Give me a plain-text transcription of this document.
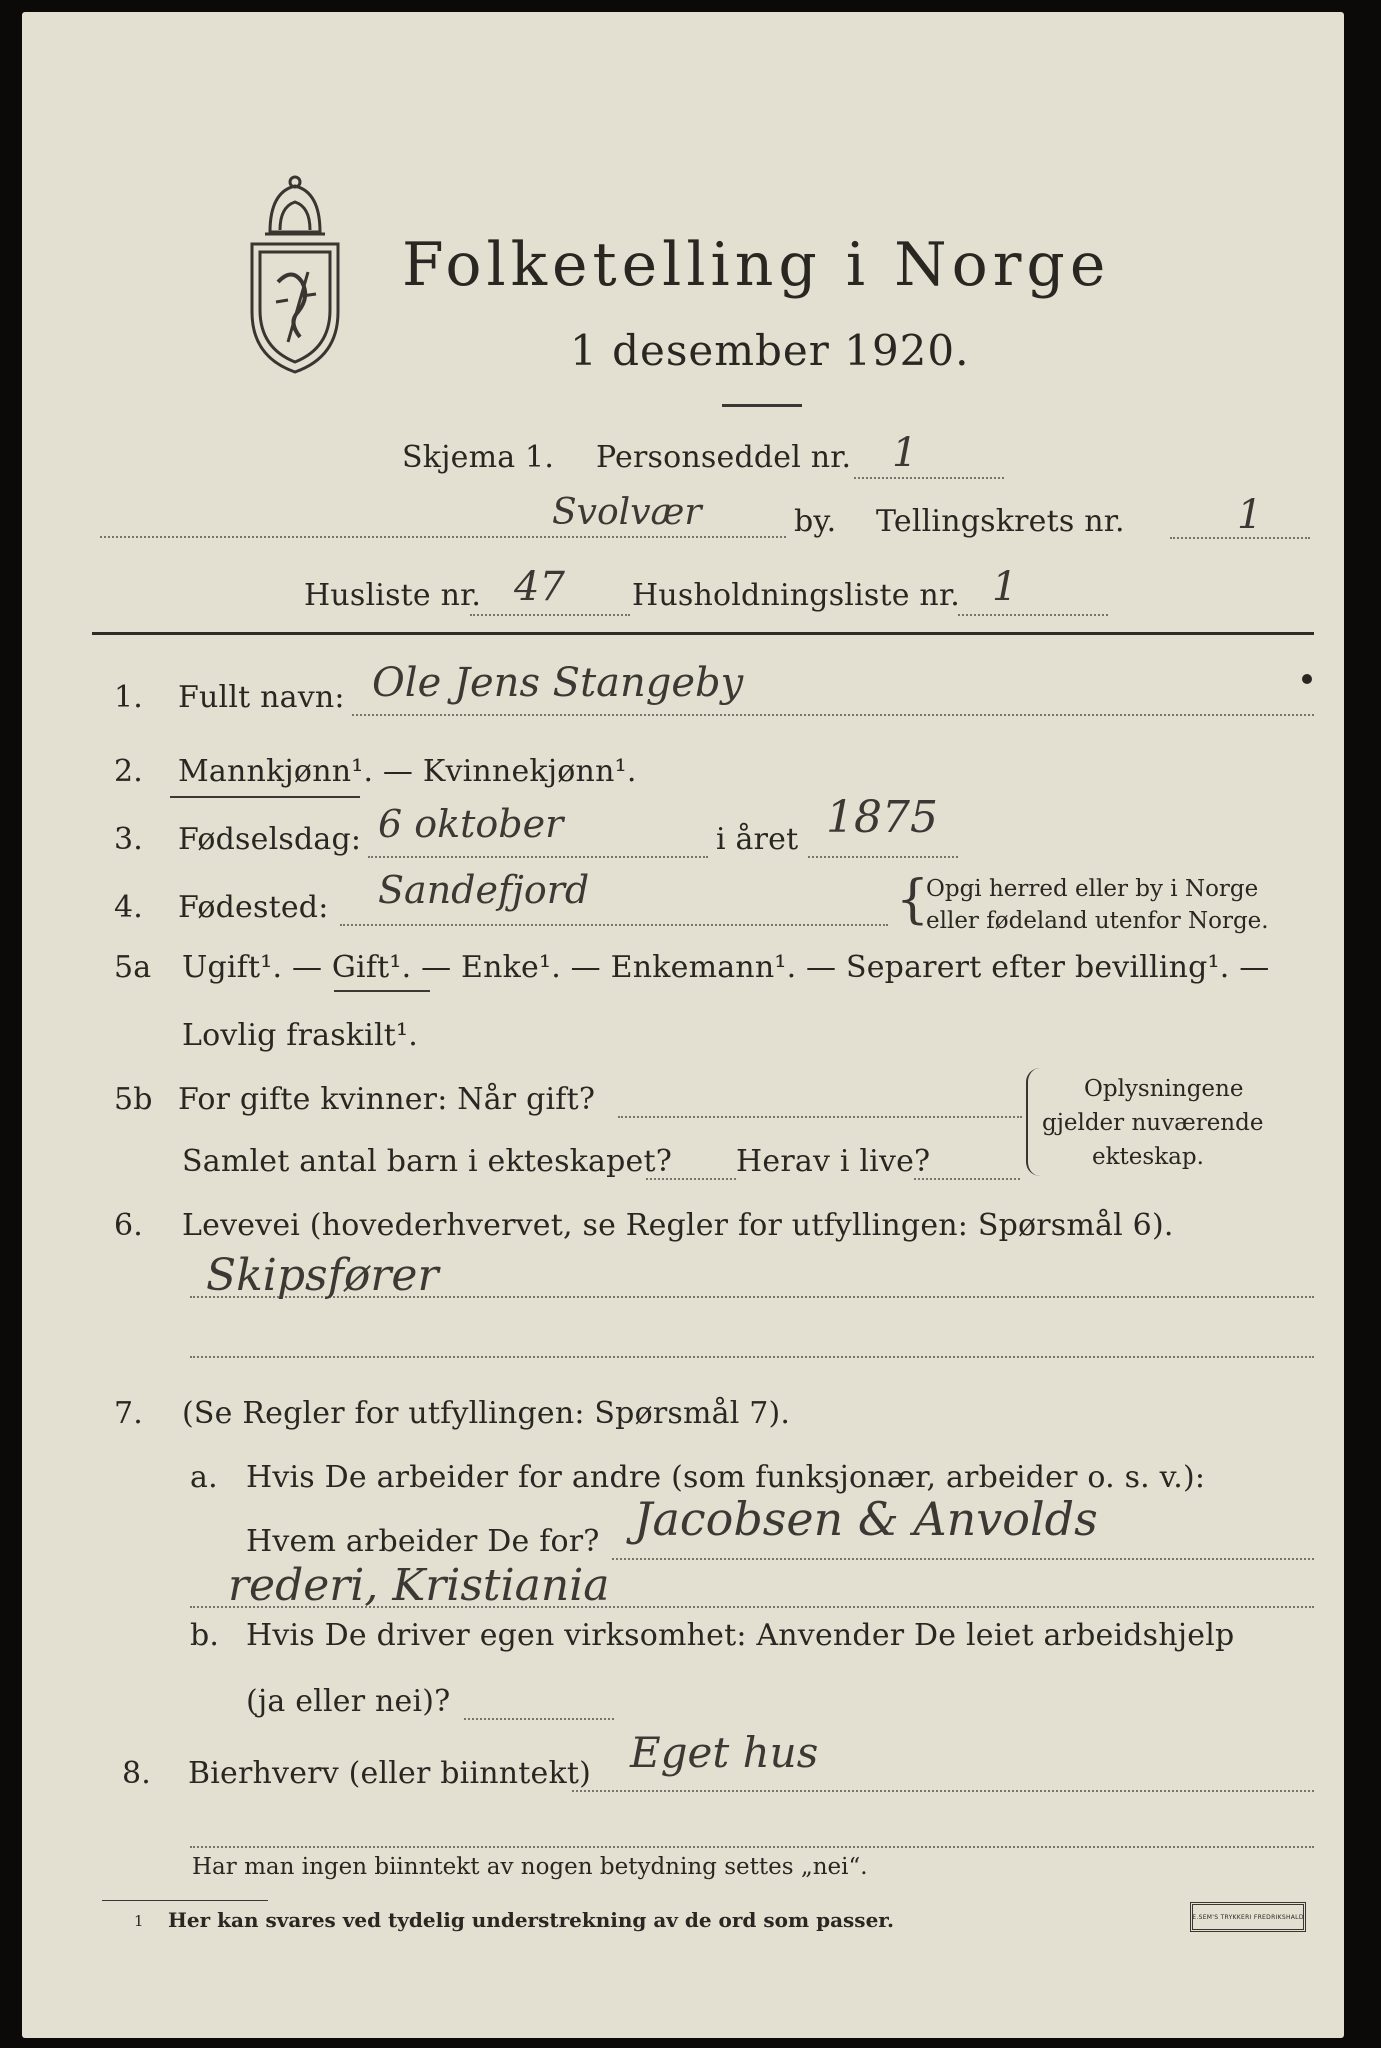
Folketelling i Norge
1 desember 1920.
Skjema 1. Personseddel nr. 1
Svolvær	by. Tellingskrets nr.	1
Husliste nr. 47 Husholdningsliste nr. 1
1. Fullt navn: Ole Jens Stangeby
2. Mannkjønn¹. — Kvinnekjønn¹.
3. Fødselsdag: 6 oktober	i året 1875
4. Fødested: Sandefjord	{
Opgi herred eller by i Norge
eller fødeland utenfor Norge.
5a Ugift¹. — Gift¹. — Enke¹. — Enkemann¹. — Separert efter bevilling¹. —
Lovlig fraskilt¹.
5b For gifte kvinner: Når gift?
Samlet antal barn i ekteskapet? Herav i live?
Oplysningene
gjelder nuværende
ekteskap.
6. Levevei (hovederhvervet, se Regler for utfyllingen: Spørsmål 6).
Skipsfører
7. (Se Regler for utfyllingen: Spørsmål 7).
a. Hvis De arbeider for andre (som funksjonær, arbeider o. s. v.):
Hvem arbeider De for? Jacobsen & Anvolds
rederi, Kristiania
b. Hvis De driver egen virksomhet: Anvender De leiet arbeidshjelp
(ja eller nei)?
8. Bierhverv (eller biinntekt) Eget hus
Har man ingen biinntekt av nogen betydning settes „nei“.
1 Her kan svares ved tydelig understrekning av de ord som passer.	E.SEM'S TRYKKERI FREDRIKSHALD
